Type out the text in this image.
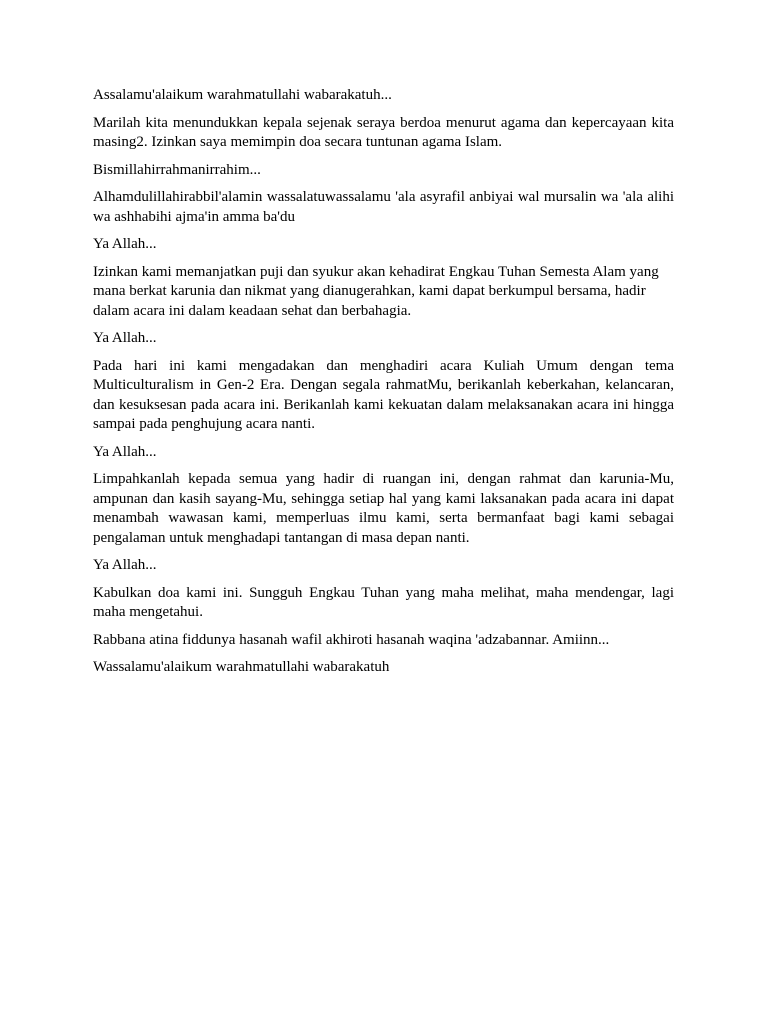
Assalamu'alaikum warahmatullahi wabarakatuh...

Marilah kita menundukkan kepala sejenak seraya berdoa menurut agama dan kepercayaan kita masing2. Izinkan saya memimpin doa secara tuntunan agama Islam.

Bismillahirrahmanirrahim...

Alhamdulillahirabbil'alamin wassalatuwassalamu 'ala asyrafil anbiyai wal mursalin wa 'ala alihi wa ashhabihi ajma'in amma ba'du

Ya Allah...

Izinkan kami memanjatkan puji dan syukur akan kehadirat Engkau Tuhan Semesta Alam yang mana berkat karunia dan nikmat yang dianugerahkan, kami dapat berkumpul bersama, hadir dalam acara ini dalam keadaan sehat dan berbahagia.

Ya Allah...

Pada hari ini kami mengadakan dan menghadiri acara Kuliah Umum dengan tema Multiculturalism in Gen-2 Era. Dengan segala rahmatMu, berikanlah keberkahan, kelancaran, dan kesuksesan pada acara ini. Berikanlah kami kekuatan dalam melaksanakan acara ini hingga sampai pada penghujung acara nanti.

Ya Allah...

Limpahkanlah kepada semua yang hadir di ruangan ini, dengan rahmat dan karunia-Mu, ampunan dan kasih sayang-Mu, sehingga setiap hal yang kami laksanakan pada acara ini dapat menambah wawasan kami, memperluas ilmu kami, serta bermanfaat bagi kami sebagai pengalaman untuk menghadapi tantangan di masa depan nanti.

Ya Allah...

Kabulkan doa kami ini. Sungguh Engkau Tuhan yang maha melihat, maha mendengar, lagi maha mengetahui.

Rabbana atina fiddunya hasanah wafil akhiroti hasanah waqina 'adzabannar. Amiinn...

Wassalamu'alaikum warahmatullahi wabarakatuh
